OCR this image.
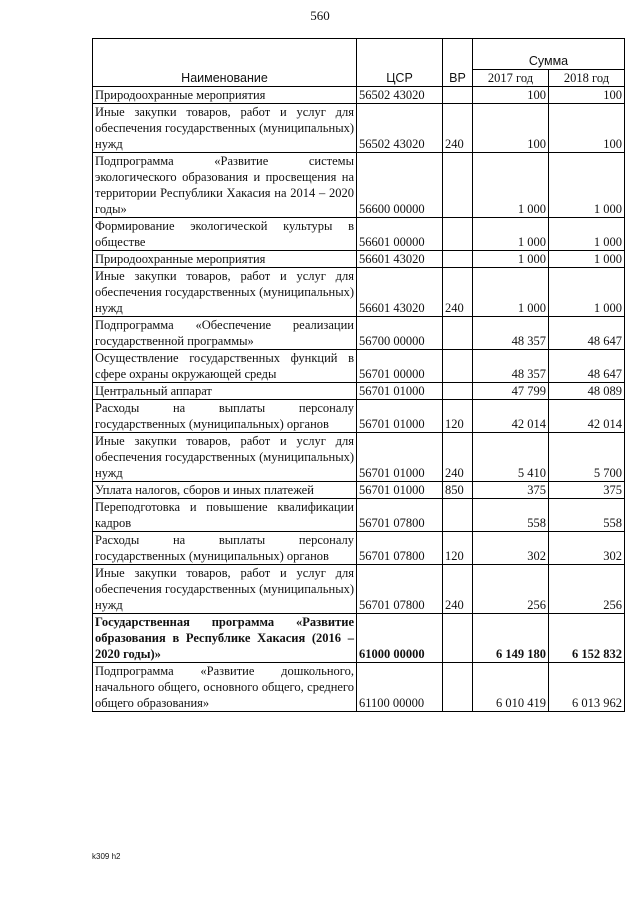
560
Наименование	ЦСР	ВР	Сумма	
			2017 год	2018 год
Природоохранные мероприятия	56502 43020		100	100
Иные закупки товаров, работ и услуг для обеспечения государственных (муниципальных) нужд	56502 43020	240	100	100
Подпрограмма «Развитие системы экологического образования и просвещения на территории Республики Хакасия на 2014 – 2020 годы»	56600 00000		1 000	1 000
Формирование экологической культуры в обществе	56601 00000		1 000	1 000
Природоохранные мероприятия	56601 43020		1 000	1 000
Иные закупки товаров, работ и услуг для обеспечения государственных (муниципальных) нужд	56601 43020	240	1 000	1 000
Подпрограмма «Обеспечение реализации государственной программы»	56700 00000		48 357	48 647
Осуществление государственных функций в сфере охраны окружающей среды	56701 00000		48 357	48 647
Центральный аппарат	56701 01000		47 799	48 089
Расходы на выплаты персоналу государственных (муниципальных) органов	56701 01000	120	42 014	42 014
Иные закупки товаров, работ и услуг для обеспечения государственных (муниципальных) нужд	56701 01000	240	5 410	5 700
Уплата налогов, сборов и иных платежей	56701 01000	850	375	375
Переподготовка и повышение квалификации кадров	56701 07800		558	558
Расходы на выплаты персоналу государственных (муниципальных) органов	56701 07800	120	302	302
Иные закупки товаров, работ и услуг для обеспечения государственных (муниципальных) нужд	56701 07800	240	256	256
Государственная программа «Развитие образования в Республике Хакасия (2016 – 2020 годы)»	61000 00000		6 149 180	6 152 832
Подпрограмма «Развитие дошкольного, начального общего, основного общего, среднего общего образования»	61100 00000		6 010 419	6 013 962
k309 h2
